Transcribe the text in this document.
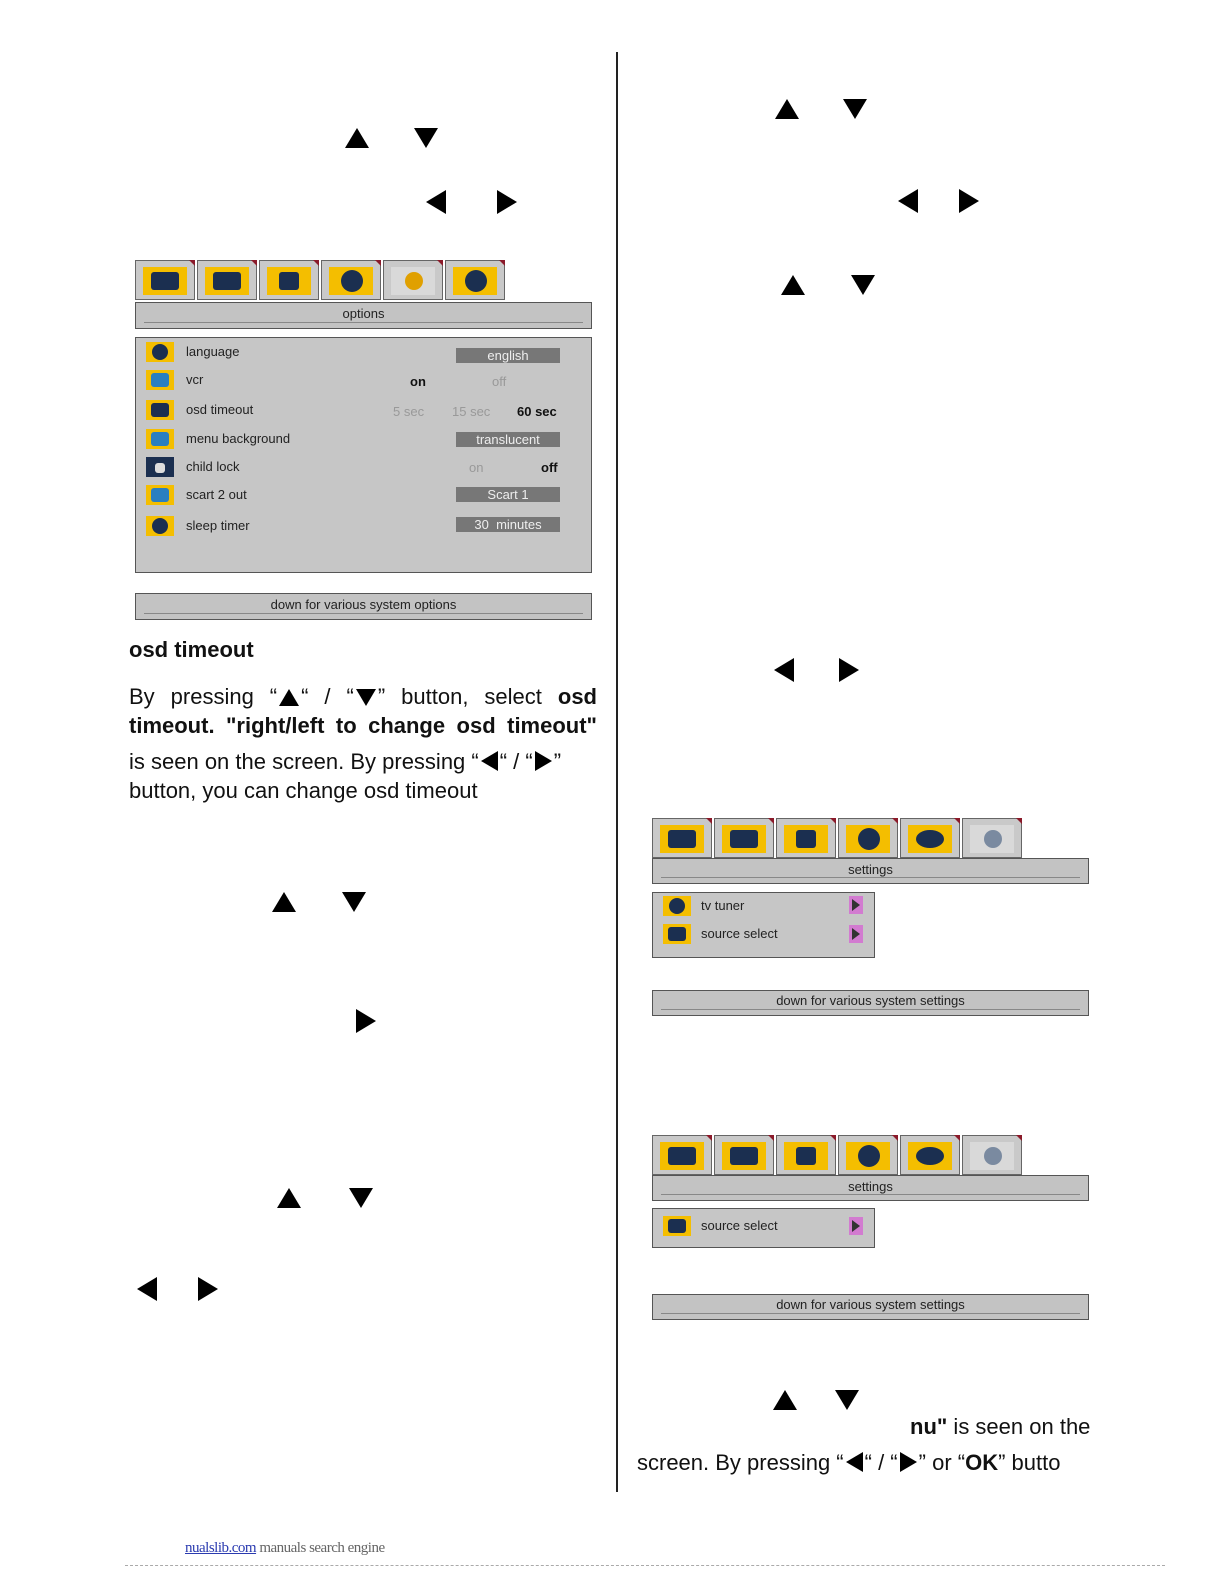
options
language	english
vcr	on	off
osd timeout	5 sec 15 sec 60 sec
menu background	translucent
child lock	on	off
scart 2 out	Scart 1
sleep timer	30  minutes
down for various system options
osd timeout
By pressing “ “ / “ ” button, select osd timeout. "right/left to change osd timeout"
is seen on the screen. By pressing “ “ / “ ”
button, you can change osd timeout
settings
tv tuner
source select
down for various system settings
settings
source select
down for various system settings
nu" is seen on the
screen. By pressing “ “ / “ ” or “OK” butto
nualslib.com manuals search engine
